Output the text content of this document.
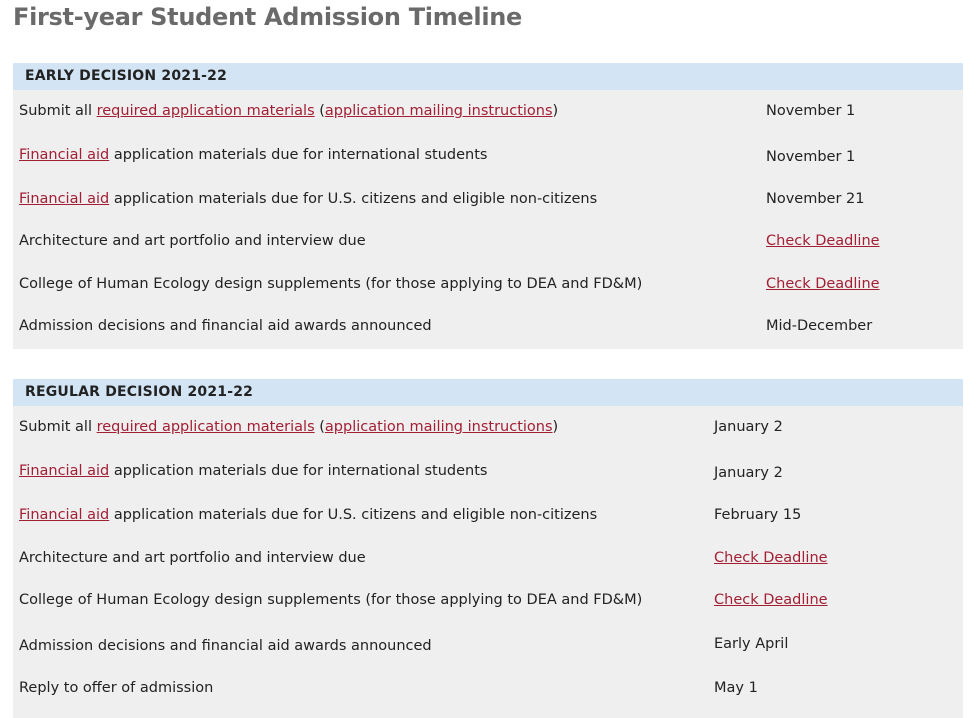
First-year Student Admission Timeline
EARLY DECISION 2021-22
Submit all required application materials (application mailing instructions)	November 1
Financial aid application materials due for international students	November 1
Financial aid application materials due for U.S. citizens and eligible non-citizens	November 21
Architecture and art portfolio and interview due	Check Deadline
College of Human Ecology design supplements (for those applying to DEA and FD&M)	Check Deadline
Admission decisions and financial aid awards announced	Mid-December
REGULAR DECISION 2021-22
Submit all required application materials (application mailing instructions)	January 2
Financial aid application materials due for international students	January 2
Financial aid application materials due for U.S. citizens and eligible non-citizens	February 15
Architecture and art portfolio and interview due	Check Deadline
College of Human Ecology design supplements (for those applying to DEA and FD&M)	Check Deadline
Admission decisions and financial aid awards announced	Early April
Reply to offer of admission	May 1
